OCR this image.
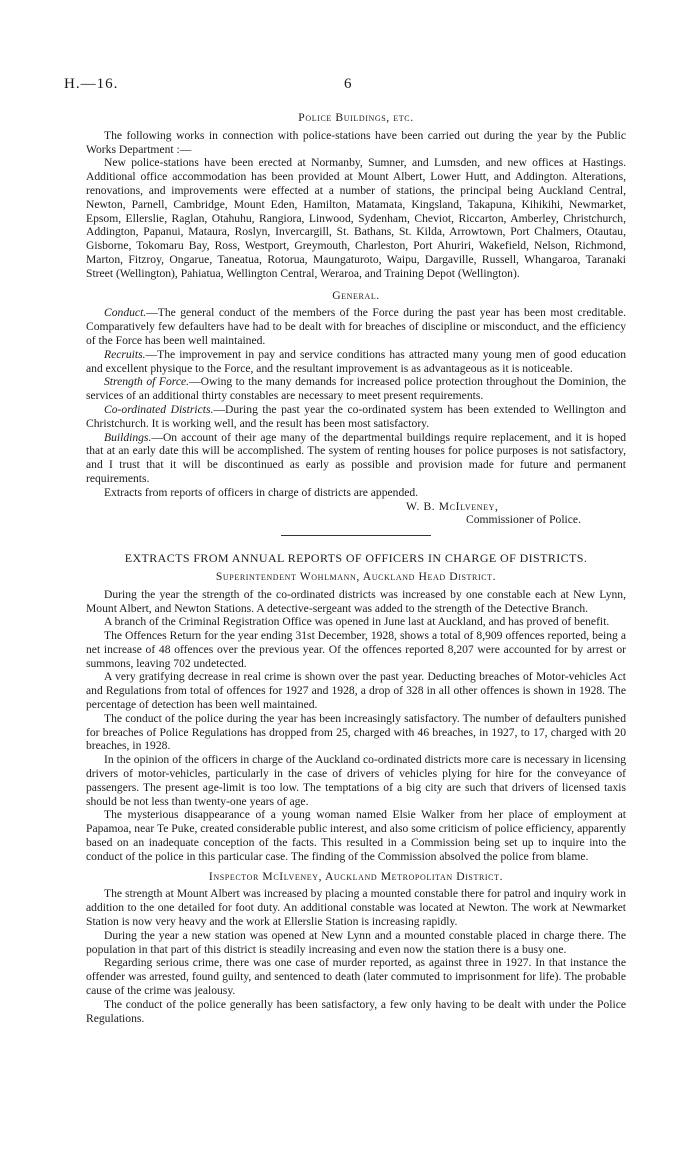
H.—16.	6

Police Buildings, etc.

The following works in connection with police-stations have been carried out during the year by the Public Works Department :—

New police-stations have been erected at Normanby, Sumner, and Lumsden, and new offices at Hastings. Additional office accommodation has been provided at Mount Albert, Lower Hutt, and Addington. Alterations, renovations, and improvements were effected at a number of stations, the principal being Auckland Central, Newton, Parnell, Cambridge, Mount Eden, Hamilton, Matamata, Kingsland, Takapuna, Kihikihi, Newmarket, Epsom, Ellerslie, Raglan, Otahuhu, Rangiora, Linwood, Sydenham, Cheviot, Riccarton, Amberley, Christchurch, Addington, Papanui, Mataura, Roslyn, Invercargill, St. Bathans, St. Kilda, Arrowtown, Port Chalmers, Otautau, Gisborne, Tokomaru Bay, Ross, Westport, Greymouth, Charleston, Port Ahuriri, Wakefield, Nelson, Richmond, Marton, Fitzroy, Ongarue, Taneatua, Rotorua, Maungaturoto, Waipu, Dargaville, Russell, Whangaroa, Taranaki Street (Wellington), Pahiatua, Wellington Central, Weraroa, and Training Depot (Wellington).

General.

Conduct.—The general conduct of the members of the Force during the past year has been most creditable. Comparatively few defaulters have had to be dealt with for breaches of discipline or misconduct, and the efficiency of the Force has been well maintained.

Recruits.—The improvement in pay and service conditions has attracted many young men of good education and excellent physique to the Force, and the resultant improvement is as advantageous as it is noticeable.

Strength of Force.—Owing to the many demands for increased police protection throughout the Dominion, the services of an additional thirty constables are necessary to meet present requirements.

Co-ordinated Districts.—During the past year the co-ordinated system has been extended to Wellington and Christchurch. It is working well, and the result has been most satisfactory.

Buildings.—On account of their age many of the departmental buildings require replacement, and it is hoped that at an early date this will be accomplished. The system of renting houses for police purposes is not satisfactory, and I trust that it will be discontinued as early as possible and provision made for future and permanent requirements.

Extracts from reports of officers in charge of districts are appended.

W. B. McIlveney,

Commissioner of Police.

EXTRACTS FROM ANNUAL REPORTS OF OFFICERS IN CHARGE OF DISTRICTS.

Superintendent Wohlmann, Auckland Head District.

During the year the strength of the co-ordinated districts was increased by one constable each at New Lynn, Mount Albert, and Newton Stations. A detective-sergeant was added to the strength of the Detective Branch.

A branch of the Criminal Registration Office was opened in June last at Auckland, and has proved of benefit.

The Offences Return for the year ending 31st December, 1928, shows a total of 8,909 offences reported, being a net increase of 48 offences over the previous year. Of the offences reported 8,207 were accounted for by arrest or summons, leaving 702 undetected.

A very gratifying decrease in real crime is shown over the past year. Deducting breaches of Motor-vehicles Act and Regulations from total of offences for 1927 and 1928, a drop of 328 in all other offences is shown in 1928. The percentage of detection has been well maintained.

The conduct of the police during the year has been increasingly satisfactory. The number of defaulters punished for breaches of Police Regulations has dropped from 25, charged with 46 breaches, in 1927, to 17, charged with 20 breaches, in 1928.

In the opinion of the officers in charge of the Auckland co-ordinated districts more care is necessary in licensing drivers of motor-vehicles, particularly in the case of drivers of vehicles plying for hire for the conveyance of passengers. The present age-limit is too low. The temptations of a big city are such that drivers of licensed taxis should be not less than twenty-one years of age.

The mysterious disappearance of a young woman named Elsie Walker from her place of employment at Papamoa, near Te Puke, created considerable public interest, and also some criticism of police efficiency, apparently based on an inadequate conception of the facts. This resulted in a Commission being set up to inquire into the conduct of the police in this particular case. The finding of the Commission absolved the police from blame.

Inspector McIlveney, Auckland Metropolitan District.

The strength at Mount Albert was increased by placing a mounted constable there for patrol and inquiry work in addition to the one detailed for foot duty. An additional constable was located at Newton. The work at Newmarket Station is now very heavy and the work at Ellerslie Station is increasing rapidly.

During the year a new station was opened at New Lynn and a mounted constable placed in charge there. The population in that part of this district is steadily increasing and even now the station there is a busy one.

Regarding serious crime, there was one case of murder reported, as against three in 1927. In that instance the offender was arrested, found guilty, and sentenced to death (later commuted to imprisonment for life). The probable cause of the crime was jealousy.

The conduct of the police generally has been satisfactory, a few only having to be dealt with under the Police Regulations.
